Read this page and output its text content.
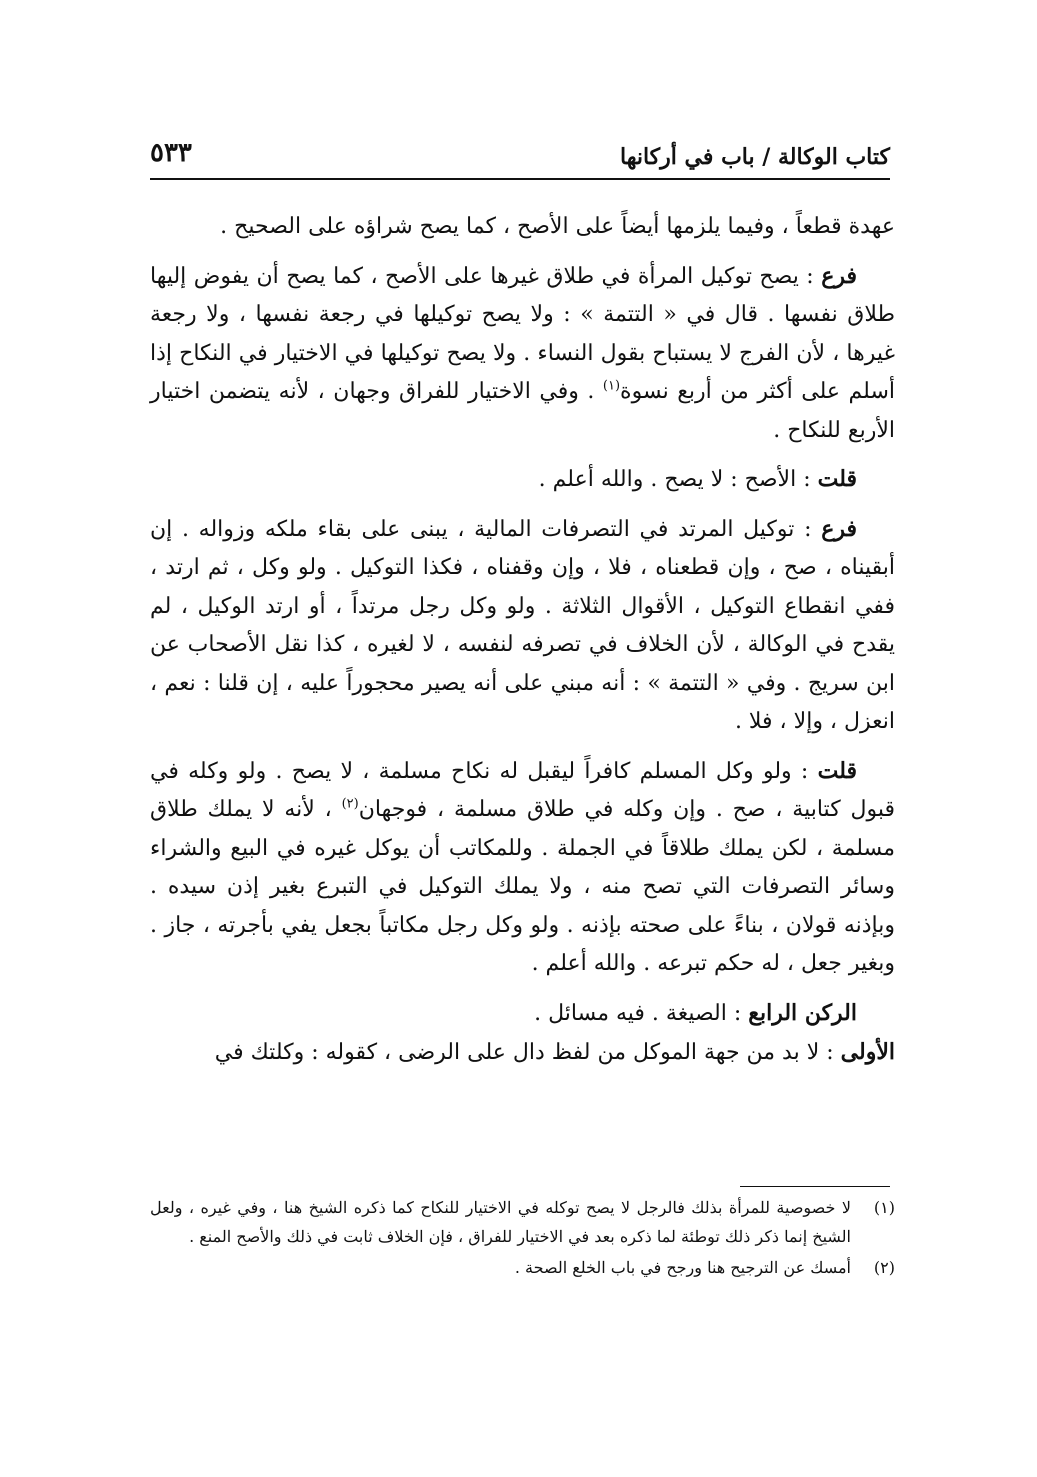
كتاب الوكالة / باب في أركانها
٥٣٣

عهدة قطعاً ، وفيما يلزمها أيضاً على الأصح ، كما يصح شراؤه على الصحيح .

فرع : يصح توكيل المرأة في طلاق غيرها على الأصح ، كما يصح أن يفوض إليها طلاق نفسها . قال في « التتمة » : ولا يصح توكيلها في رجعة نفسها ، ولا رجعة غيرها ، لأن الفرج لا يستباح بقول النساء . ولا يصح توكيلها في الاختيار في النكاح إذا أسلم على أكثر من أربع نسوة$^{(١)}$ . وفي الاختيار للفراق وجهان ، لأنه يتضمن اختيار الأربع للنكاح .

قلت : الأصح : لا يصح . والله أعلم .

فرع : توكيل المرتد في التصرفات المالية ، يبنى على بقاء ملكه وزواله . إن أبقيناه ، صح ، وإن قطعناه ، فلا ، وإن وقفناه ، فكذا التوكيل . ولو وكل ، ثم ارتد ، ففي انقطاع التوكيل ، الأقوال الثلاثة . ولو وكل رجل مرتداً ، أو ارتد الوكيل ، لم يقدح في الوكالة ، لأن الخلاف في تصرفه لنفسه ، لا لغيره ، كذا نقل الأصحاب عن ابن سريج . وفي « التتمة » : أنه مبني على أنه يصير محجوراً عليه ، إن قلنا : نعم ، انعزل ، وإلا ، فلا .

قلت : ولو وكل المسلم كافراً ليقبل له نكاح مسلمة ، لا يصح . ولو وكله في قبول كتابية ، صح . وإن وكله في طلاق مسلمة ، فوجهان$^{(٢)}$ ، لأنه لا يملك طلاق مسلمة ، لكن يملك طلاقاً في الجملة . وللمكاتب أن يوكل غيره في البيع والشراء وسائر التصرفات التي تصح منه ، ولا يملك التوكيل في التبرع بغير إذن سيده . وبإذنه قولان ، بناءً على صحته بإذنه . ولو وكل رجل مكاتباً بجعل يفي بأجرته ، جاز . وبغير جعل ، له حكم تبرعه . والله أعلم .

الركن الرابع : الصيغة . فيه مسائل .

الأولى : لا بد من جهة الموكل من لفظ دال على الرضى ، كقوله : وكلتك في

(١)
لا خصوصية للمرأة بذلك فالرجل لا يصح توكله في الاختيار للنكاح كما ذكره الشيخ هنا ، وفي غيره ، ولعل الشيخ إنما ذكر ذلك توطئة لما ذكره بعد في الاختيار للفراق ، فإن الخلاف ثابت في ذلك والأصح المنع .

(٢)
أمسك عن الترجيح هنا ورجح في باب الخلع الصحة .
